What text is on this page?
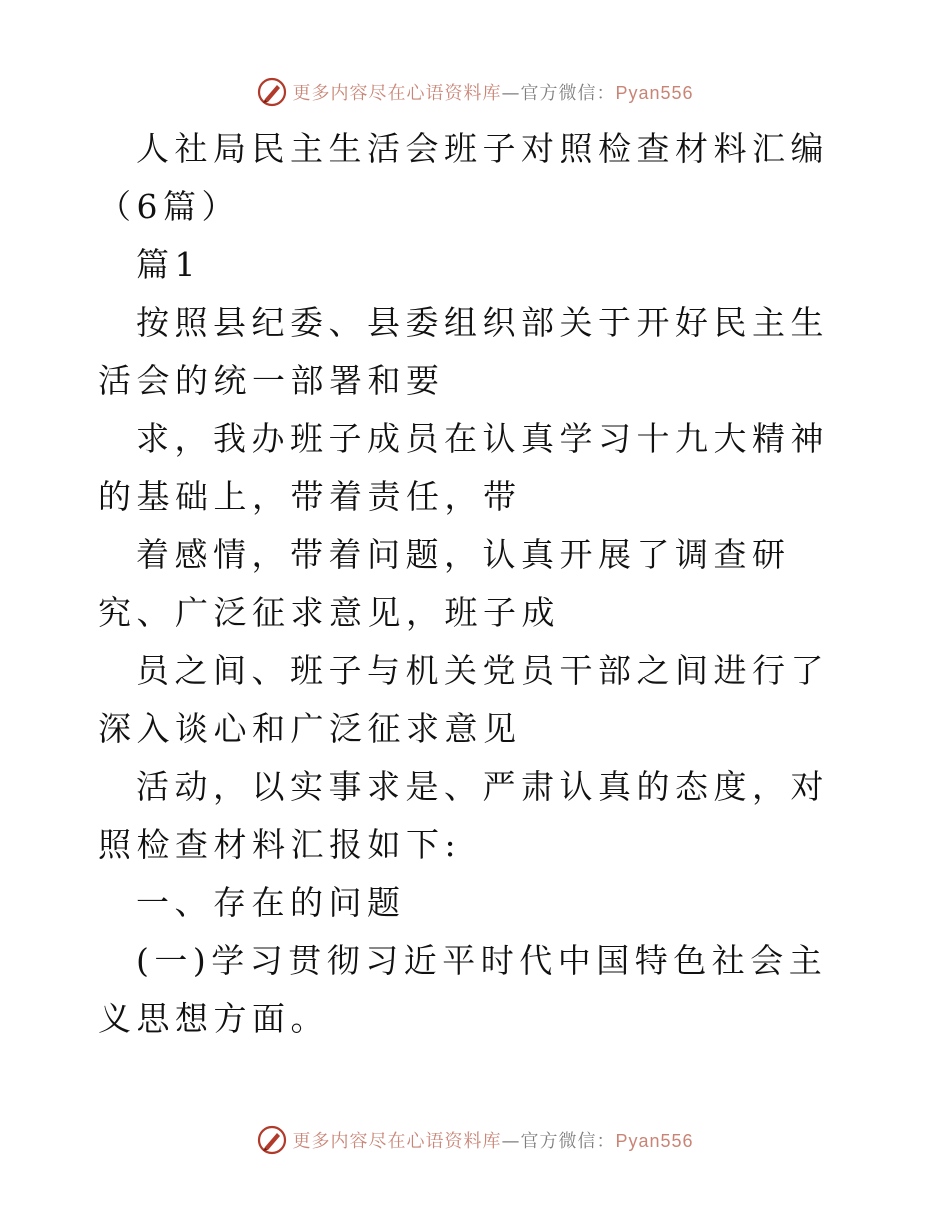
更多内容尽在心语资料库—官方微信：Pyan556

人社局民主生活会班子对照检查材料汇编（6篇）

篇1

按照县纪委、县委组织部关于开好民主生活会的统一部署和要

求，我办班子成员在认真学习十九大精神的基础上，带着责任，带

着感情，带着问题，认真开展了调查研究、广泛征求意见，班子成

员之间、班子与机关党员干部之间进行了深入谈心和广泛征求意见

活动，以实事求是、严肃认真的态度，对照检查材料汇报如下:

一、存在的问题

(一)学习贯彻习近平时代中国特色社会主义思想方面。

更多内容尽在心语资料库—官方微信：Pyan556
